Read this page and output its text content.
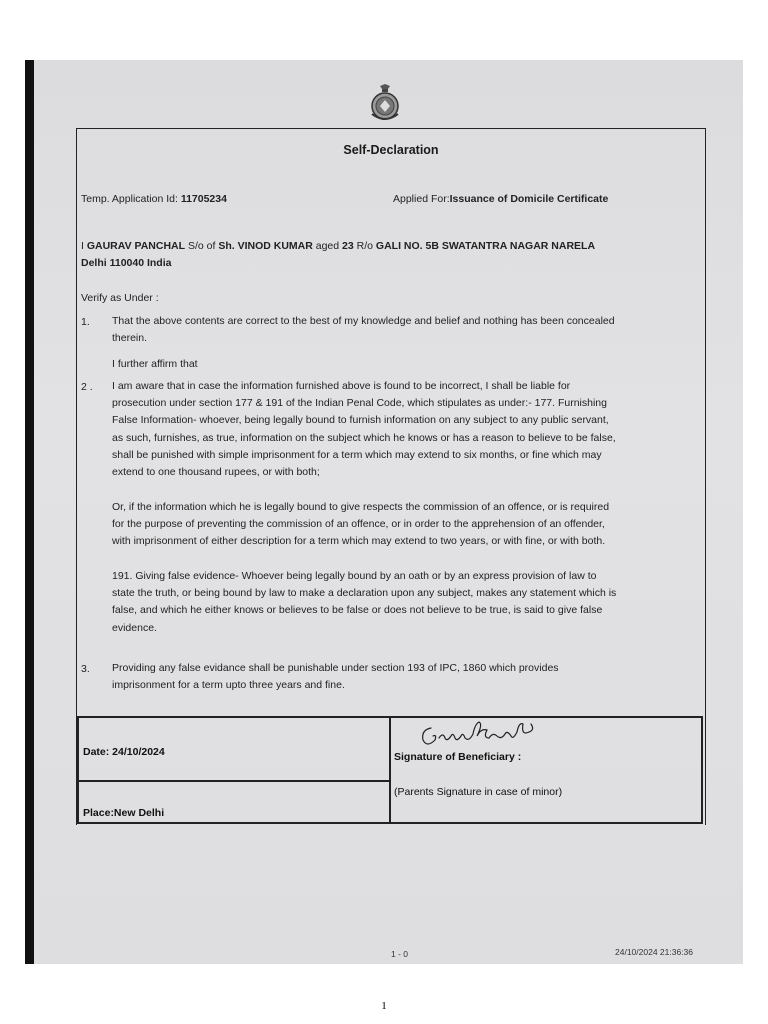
Self-Declaration
Temp. Application Id: 11705234	Applied For:Issuance of Domicile Certificate
I GAURAV PANCHAL S/o of Sh. VINOD KUMAR aged 23 R/o GALI NO. 5B SWATANTRA NAGAR NARELA
Delhi 110040 India
Verify as Under :
1. That the above contents are correct to the best of my knowledge and belief and nothing has been concealed
therein.
I further affirm that
2 . I am aware that in case the information furnished above is found to be incorrect, I shall be liable for
prosecution under section 177 & 191 of the Indian Penal Code, which stipulates as under:- 177. Furnishing
False Information- whoever, being legally bound to furnish information on any subject to any public servant,
as such, furnishes, as true, information on the subject which he knows or has a reason to believe to be false,
shall be punished with simple imprisonment for a term which may extend to six months, or fine which may
extend to one thousand rupees, or with both;
Or, if the information which he is legally bound to give respects the commission of an offence, or is required
for the purpose of preventing the commission of an offence, or in order to the apprehension of an offender,
with imprisonment of either description for a term which may extend to two years, or with fine, or with both.
191. Giving false evidence- Whoever being legally bound by an oath or by an express provision of law to
state the truth, or being bound by law to make a declaration upon any subject, makes any statement which is
false, and which he either knows or believes to be false or does not believe to be true, is said to give false
evidence.
3. Providing any false evidance shall be punishable under section 193 of IPC, 1860 which provides
imprisonment for a term upto three years and fine.
Date: 24/10/2024
Place:New Delhi
Signature of Beneficiary :
(Parents Signature in case of minor)
1 - 0	24/10/2024 21:36:36
1
